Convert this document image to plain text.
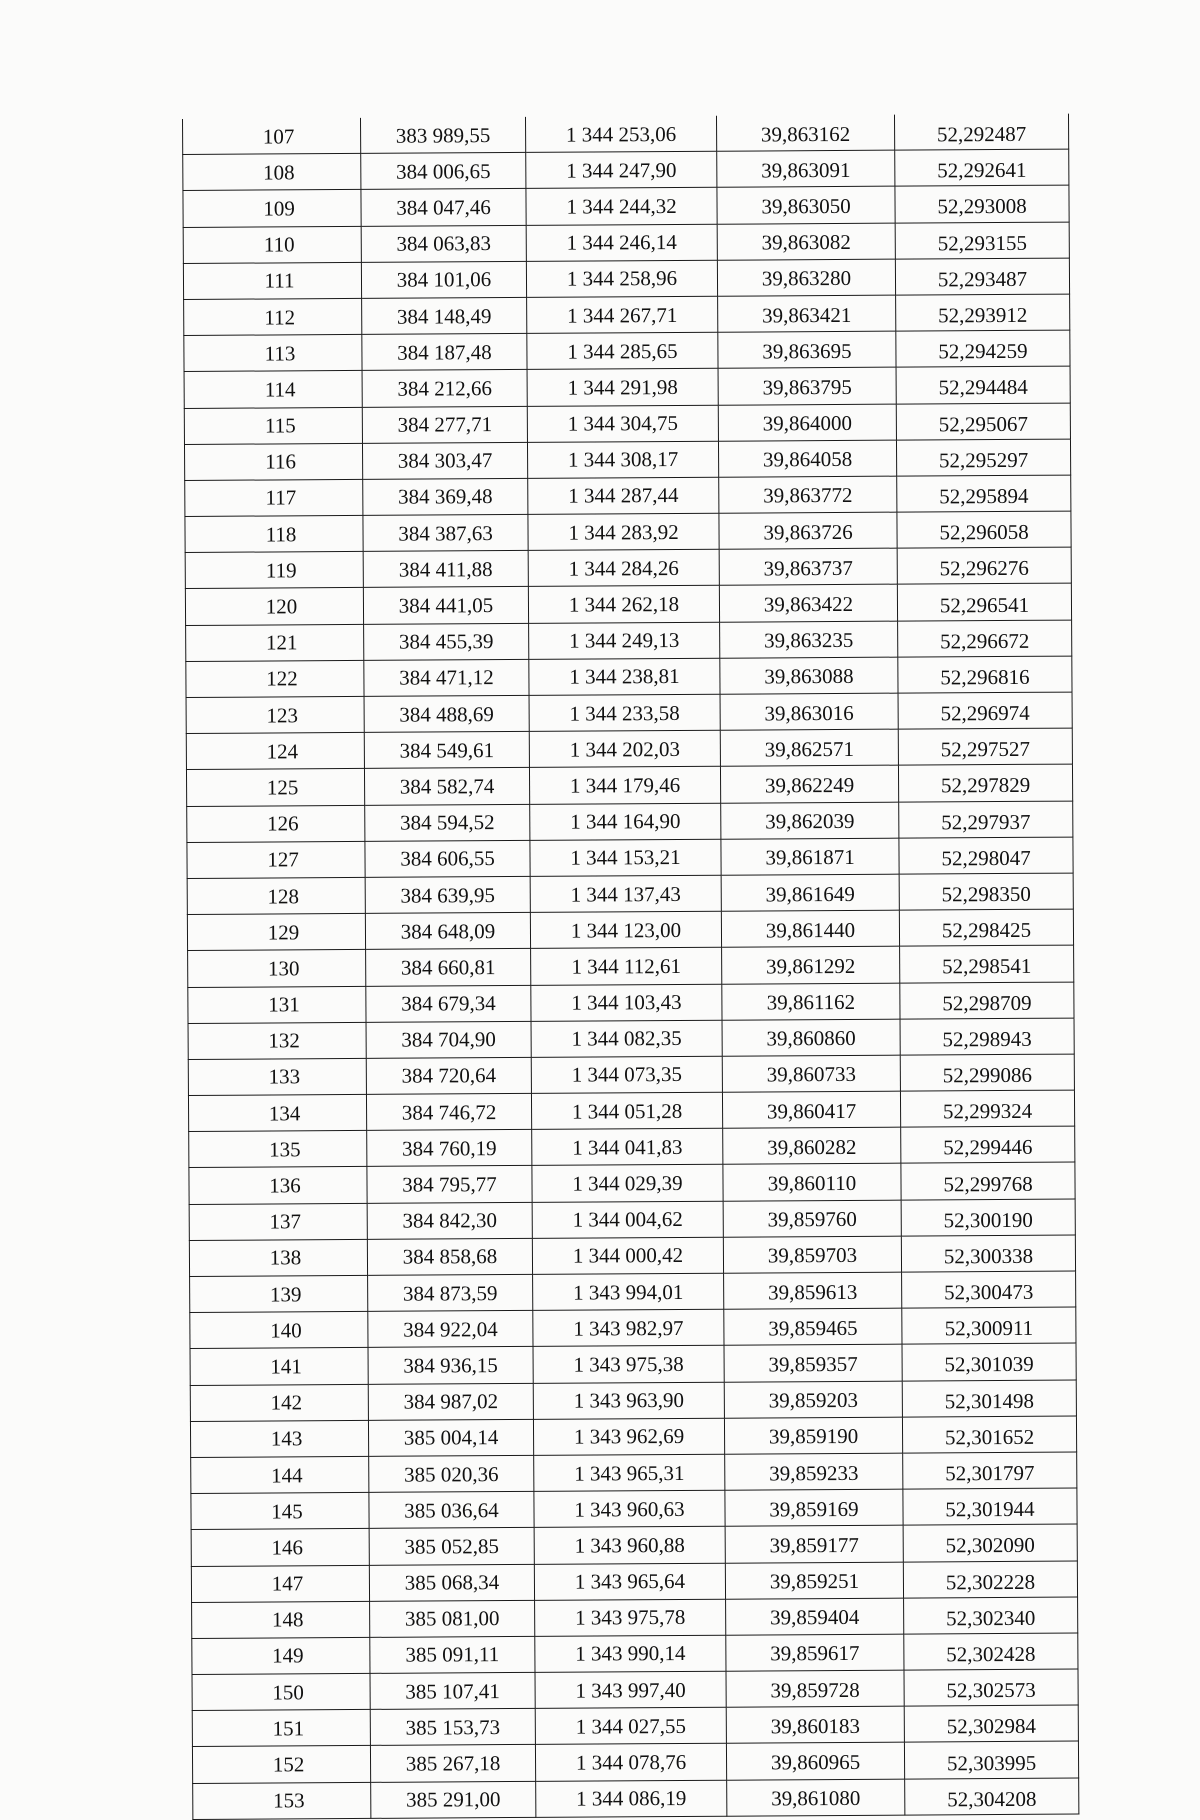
107	383 989,55	1 344 253,06	39,863162	52,292487
108	384 006,65	1 344 247,90	39,863091	52,292641
109	384 047,46	1 344 244,32	39,863050	52,293008
110	384 063,83	1 344 246,14	39,863082	52,293155
111	384 101,06	1 344 258,96	39,863280	52,293487
112	384 148,49	1 344 267,71	39,863421	52,293912
113	384 187,48	1 344 285,65	39,863695	52,294259
114	384 212,66	1 344 291,98	39,863795	52,294484
115	384 277,71	1 344 304,75	39,864000	52,295067
116	384 303,47	1 344 308,17	39,864058	52,295297
117	384 369,48	1 344 287,44	39,863772	52,295894
118	384 387,63	1 344 283,92	39,863726	52,296058
119	384 411,88	1 344 284,26	39,863737	52,296276
120	384 441,05	1 344 262,18	39,863422	52,296541
121	384 455,39	1 344 249,13	39,863235	52,296672
122	384 471,12	1 344 238,81	39,863088	52,296816
123	384 488,69	1 344 233,58	39,863016	52,296974
124	384 549,61	1 344 202,03	39,862571	52,297527
125	384 582,74	1 344 179,46	39,862249	52,297829
126	384 594,52	1 344 164,90	39,862039	52,297937
127	384 606,55	1 344 153,21	39,861871	52,298047
128	384 639,95	1 344 137,43	39,861649	52,298350
129	384 648,09	1 344 123,00	39,861440	52,298425
130	384 660,81	1 344 112,61	39,861292	52,298541
131	384 679,34	1 344 103,43	39,861162	52,298709
132	384 704,90	1 344 082,35	39,860860	52,298943
133	384 720,64	1 344 073,35	39,860733	52,299086
134	384 746,72	1 344 051,28	39,860417	52,299324
135	384 760,19	1 344 041,83	39,860282	52,299446
136	384 795,77	1 344 029,39	39,860110	52,299768
137	384 842,30	1 344 004,62	39,859760	52,300190
138	384 858,68	1 344 000,42	39,859703	52,300338
139	384 873,59	1 343 994,01	39,859613	52,300473
140	384 922,04	1 343 982,97	39,859465	52,300911
141	384 936,15	1 343 975,38	39,859357	52,301039
142	384 987,02	1 343 963,90	39,859203	52,301498
143	385 004,14	1 343 962,69	39,859190	52,301652
144	385 020,36	1 343 965,31	39,859233	52,301797
145	385 036,64	1 343 960,63	39,859169	52,301944
146	385 052,85	1 343 960,88	39,859177	52,302090
147	385 068,34	1 343 965,64	39,859251	52,302228
148	385 081,00	1 343 975,78	39,859404	52,302340
149	385 091,11	1 343 990,14	39,859617	52,302428
150	385 107,41	1 343 997,40	39,859728	52,302573
151	385 153,73	1 344 027,55	39,860183	52,302984
152	385 267,18	1 344 078,76	39,860965	52,303995
153	385 291,00	1 344 086,19	39,861080	52,304208
